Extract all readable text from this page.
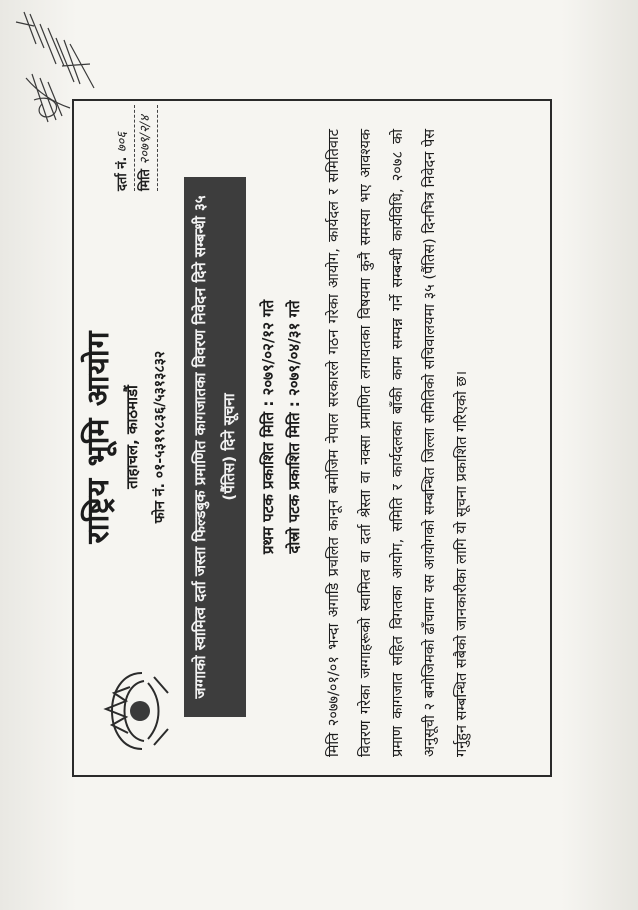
राष्ट्रिय भूमि आयोग ताहाचल, काठमाडौं फोन नं. ०१-५३१९८३६/५३१३८३२
दर्ता नं. ७०६
मिति २०७९/२/४
जग्गाको स्वामित्व दर्ता जस्ता फिल्डबुक प्रमाणित कागजातका विवरण निवेदन दिने सम्बन्धी ३५ (पैंतिस) दिने सूचना	प्रथम पटक प्रकाशित मिति : २०७९/०२/१२ गते दोस्रो पटक प्रकाशित मिति : २०७९/०४/३१ गते	मिति २०७७/०१/०१ भन्दा अगाडि प्रचलित कानून बमोजिम नेपाल सरकारले गठन गरेका आयोग, कार्यदल र समितिवाट वितरण गरेका जग्गाहरूको स्वामित्व वा दर्ता श्रेस्ता वा नक्सा प्रमाणित लगायतका विषयमा कुनै समस्या भए आवश्यक प्रमाण कागजात सहित विगतका आयोग, समिति र कार्यदलका बाँकी काम सम्पन्न गर्ने सम्बन्धी कार्यविधि, २०७८ को अनुसूची २ बमोजिमको ढाँचामा यस आयोगको सम्बन्धित जिल्ला समितिको सचिवालयमा ३५ (पैंतिस) दिनभित्र निवेदन पेस गर्नुहुन सम्बन्धित सबैको जानकारीका लागि यो सूचना प्रकाशित गरिएको छ।
